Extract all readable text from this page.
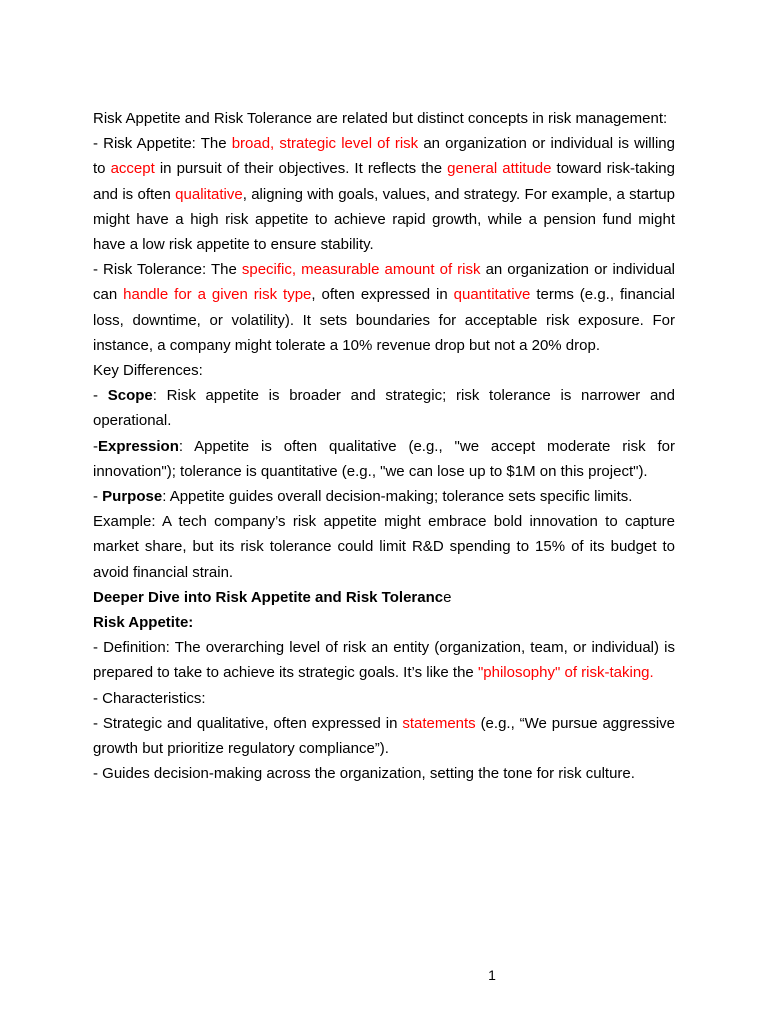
Risk Appetite and Risk Tolerance are related but distinct concepts in risk management:

- Risk Appetite: The broad, strategic level of risk an organization or individual is willing to accept in pursuit of their objectives. It reflects the general attitude toward risk-taking and is often qualitative, aligning with goals, values, and strategy. For example, a startup might have a high risk appetite to achieve rapid growth, while a pension fund might have a low risk appetite to ensure stability.

- Risk Tolerance: The specific, measurable amount of risk an organization or individual can handle for a given risk type, often expressed in quantitative terms (e.g., financial loss, downtime, or volatility). It sets boundaries for acceptable risk exposure. For instance, a company might tolerate a 10% revenue drop but not a 20% drop.

Key Differences:

- Scope: Risk appetite is broader and strategic; risk tolerance is narrower and operational.

-Expression: Appetite is often qualitative (e.g., "we accept moderate risk for innovation"); tolerance is quantitative (e.g., "we can lose up to $1M on this project").

- Purpose: Appetite guides overall decision-making; tolerance sets specific limits.

Example: A tech company’s risk appetite might embrace bold innovation to capture market share, but its risk tolerance could limit R&D spending to 15% of its budget to avoid financial strain.

Deeper Dive into Risk Appetite and Risk Tolerance

Risk Appetite:

- Definition: The overarching level of risk an entity (organization, team, or individual) is prepared to take to achieve its strategic goals. It’s like the "philosophy" of risk-taking.

- Characteristics:

- Strategic and qualitative, often expressed in statements (e.g., “We pursue aggressive growth but prioritize regulatory compliance”).

- Guides decision-making across the organization, setting the tone for risk culture.

1
